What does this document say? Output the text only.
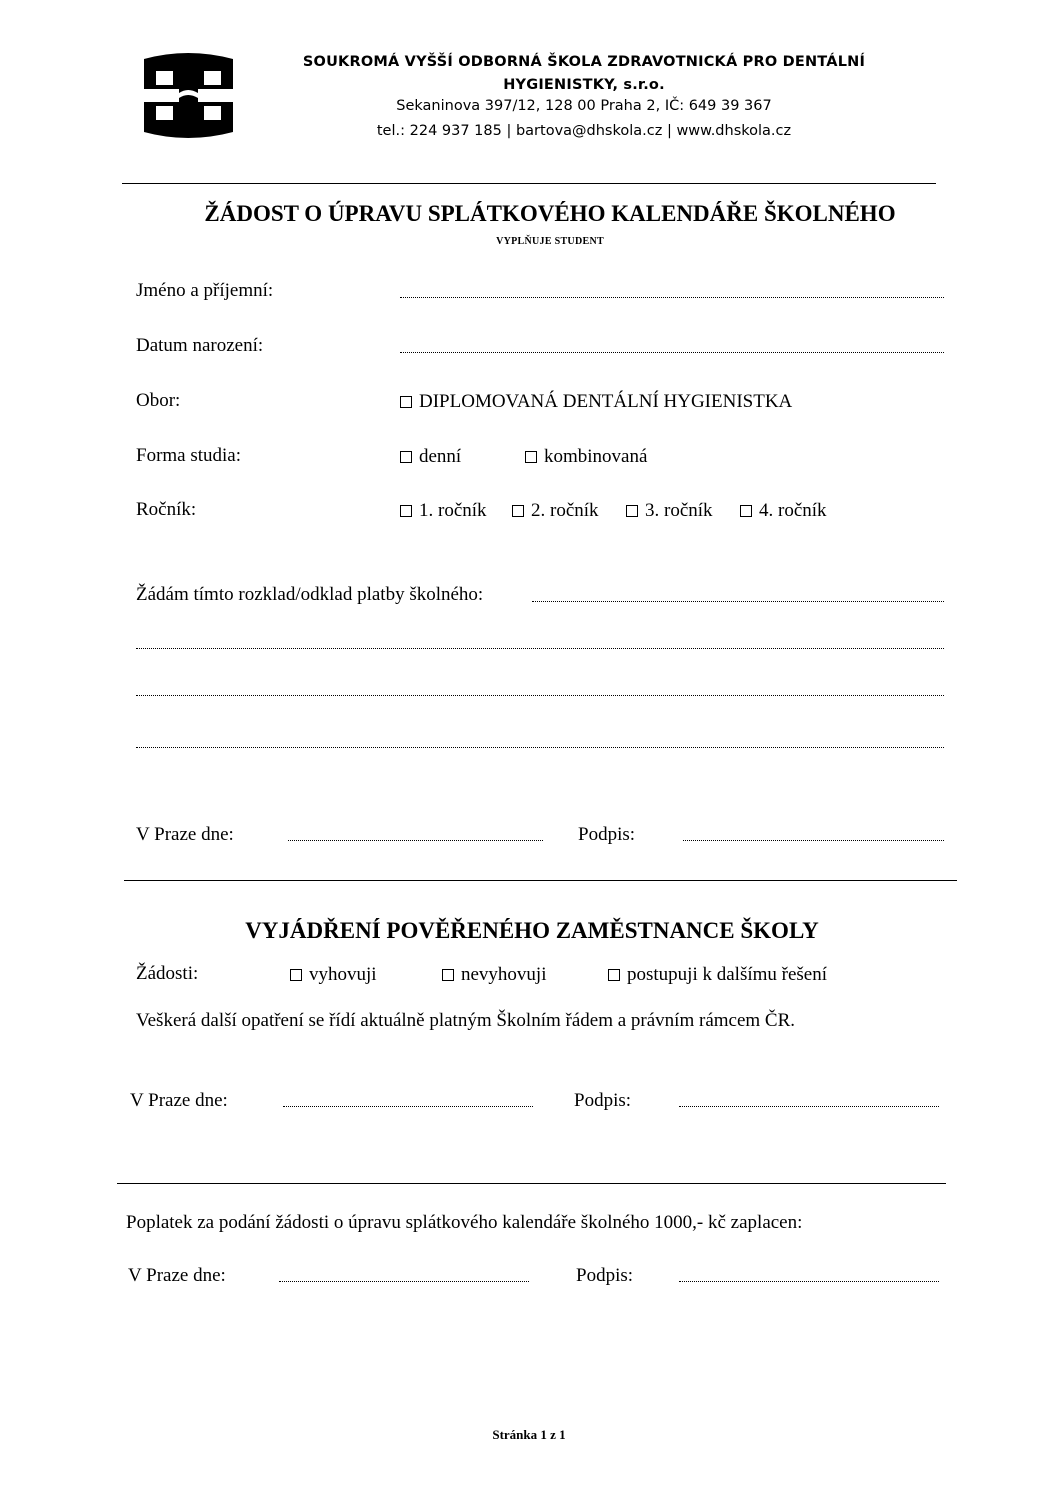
SOUKROMÁ VYŠŠÍ ODBORNÁ ŠKOLA ZDRAVOTNICKÁ PRO DENTÁLNÍ
HYGIENISTKY, s.r.o.
Sekaninova 397/12, 128 00 Praha 2, IČ: 649 39 367
tel.: 224 937 185 | bartova@dhskola.cz | www.dhskola.cz
ŽÁDOST O ÚPRAVU SPLÁTKOVÉHO KALENDÁŘE ŠKOLNÉHO
VYPLŇUJE STUDENT
Jméno a příjemní:
Datum narození:
Obor:	DIPLOMOVANÁ DENTÁLNÍ HYGIENISTKA
Forma studia:	denní	kombinovaná
Ročník:	1. ročník 2. ročník 3. ročník 4. ročník
Žádám tímto rozklad/odklad platby školného:
V Praze dne:	Podpis:
VYJÁDŘENÍ POVĚŘENÉHO ZAMĚSTNANCE ŠKOLY
Žádosti:	vyhovuji	nevyhovuji	postupuji k dalšímu řešení
Veškerá další opatření se řídí aktuálně platným Školním řádem a právním rámcem ČR.
V Praze dne:	Podpis:
Poplatek za podání žádosti o úpravu splátkového kalendáře školného 1000,- kč zaplacen:
V Praze dne:	Podpis:
Stránka 1 z 1
